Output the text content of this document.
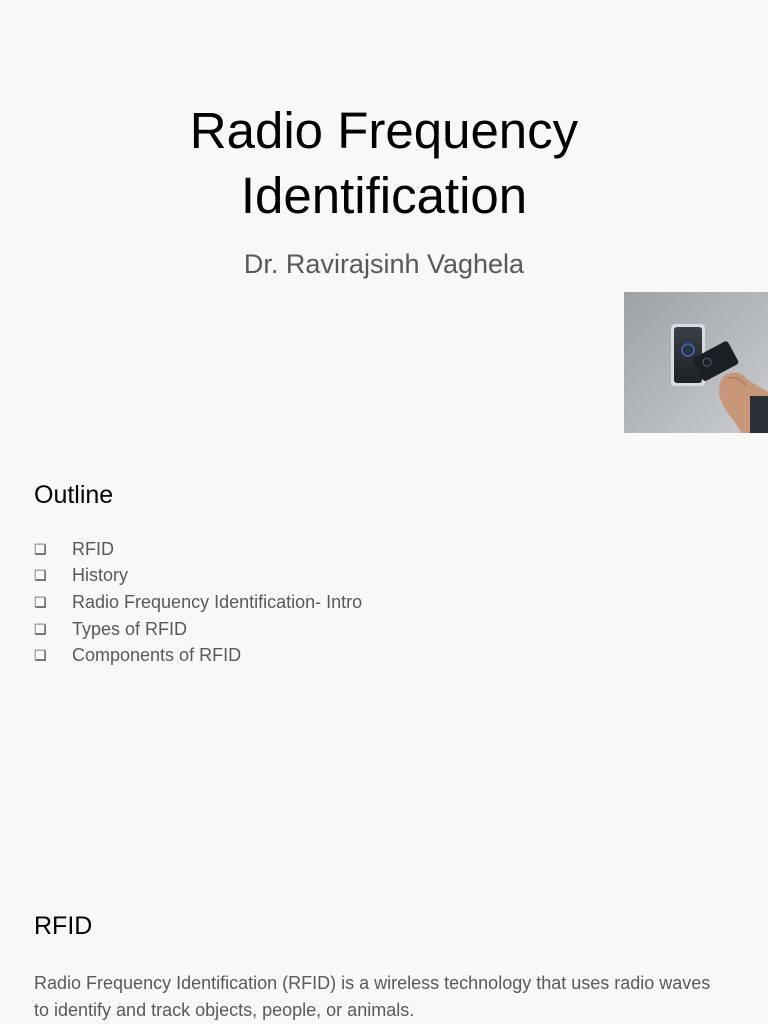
Radio Frequency
Identification
Dr. Ravirajsinh Vaghela
Outline
❏	RFID
❏	History
❏	Radio Frequency Identification- Intro
❏	Types of RFID
❏	Components of RFID
RFID

Radio Frequency Identification (RFID) is a wireless technology that uses radio waves to identify and track objects, people, or animals.
